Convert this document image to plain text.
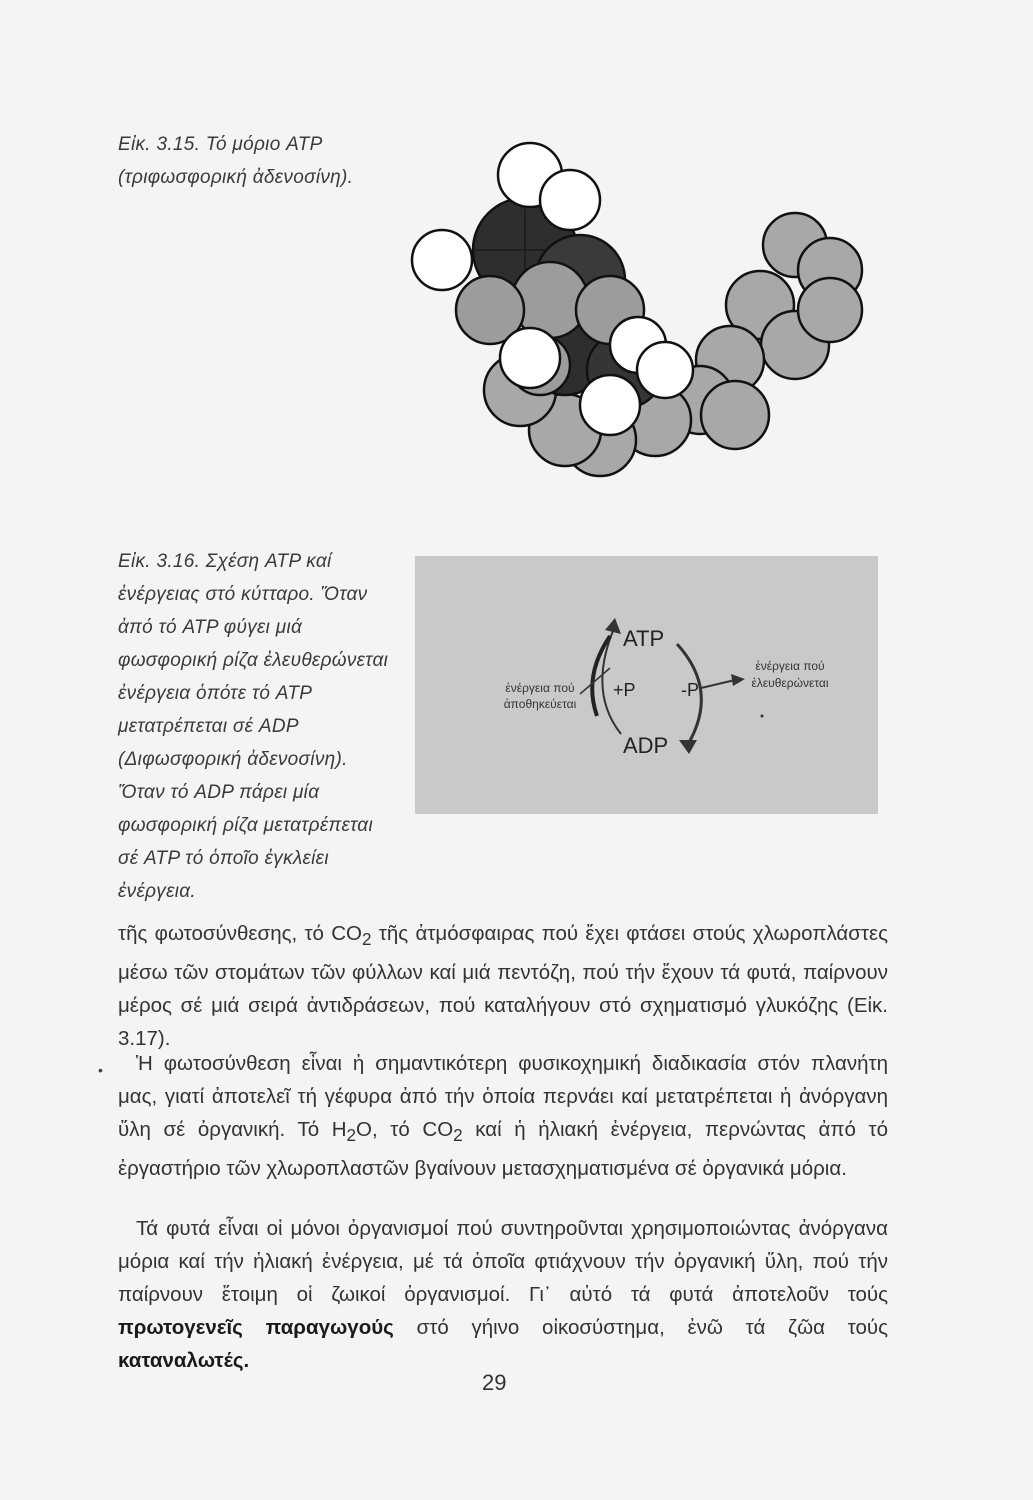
Εἰκ. 3.15. Τό μόριο ATP (τριφωσφορική ἀδενοσίνη).
Εἰκ. 3.16. Σχέση ATP καί ἐνέργειας στό κύτταρο. Ὅταν ἀπό τό ATP φύγει μιά φωσφορική ρίζα ἐλευθερώνεται ἐνέργεια ὁπότε τό ATP μετατρέπεται σέ ADP (Διφωσφορική ἀδενοσίνη). Ὅταν τό ADP πάρει μία φωσφορική ρίζα μετατρέπεται σέ ATP τό ὁποῖο ἐγκλείει ἐνέργεια.
ATP
ADP
+P	-P
ἐνέργεια πού
ἀποθηκεύεται
ἐνέργεια πού
ἐλευθερώνεται

τῆς φωτοσύνθεσης, τό $CO_2$ τῆς ἀτμόσφαιρας πού ἔχει φτάσει στούς χλωροπλάστες μέσω τῶν στομάτων τῶν φύλλων καί μιά πεντόζη, πού τήν ἔχουν τά φυτά, παίρνουν μέρος σέ μιά σειρά ἀντιδράσεων, πού καταλήγουν στό σχηματισμό γλυκόζης (Εἰκ. 3.17).

•	Ἡ φωτοσύνθεση εἶναι ἡ σημαντικότερη φυσικοχημική διαδικασία στόν πλανήτη μας, γιατί ἀποτελεῖ τή γέφυρα ἀπό τήν ὁποία περνάει καί μετατρέπεται ἡ ἀνόργανη ὕλη σέ ὀργανική. Τό $H_2O$, τό $CO_2$ καί ἡ ἡλιακή ἐνέργεια, περνώντας ἀπό τό ἐργαστήριο τῶν χλωροπλαστῶν βγαίνουν μετασχηματισμένα σέ ὀργανικά μόρια.

Τά φυτά εἶναι οἱ μόνοι ὀργανισμοί πού συντηροῦνται χρησιμοποιώντας ἀνόργανα μόρια καί τήν ἡλιακή ἐνέργεια, μέ τά ὁποῖα φτιάχνουν τήν ὀργανική ὕλη, πού τήν παίρνουν ἕτοιμη οἱ ζωικοί ὀργανισμοί. Γι᾽ αὐτό τά φυτά ἀποτελοῦν τούς πρωτογενεῖς παραγωγούς στό γήινο οἰκοσύστημα, ἐνῶ τά ζῶα τούς καταναλωτές.

29
